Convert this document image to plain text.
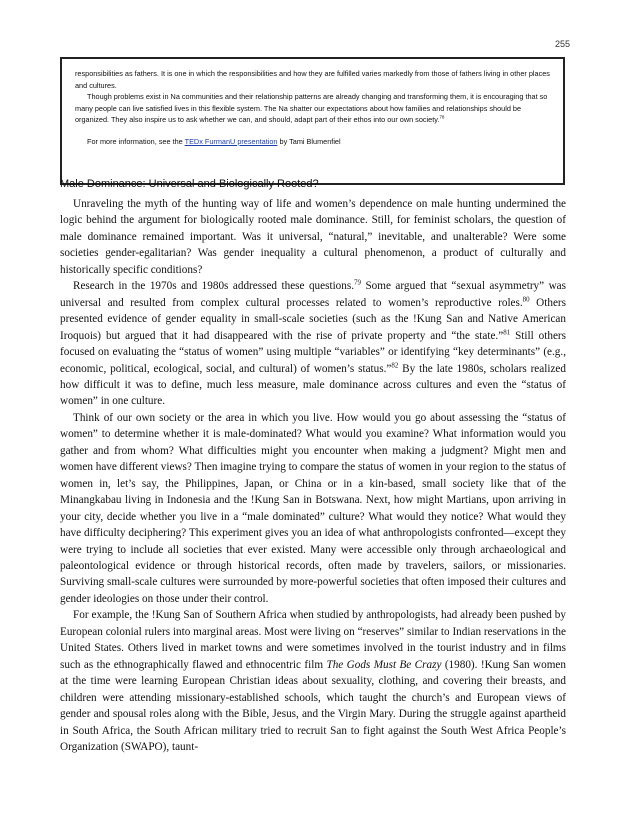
255

responsibilities as fathers. It is one in which the responsibilities and how they are fulfilled varies markedly from those of fathers living in other places and cultures.

Though problems exist in Na communities and their relationship patterns are already changing and transforming them, it is encouraging that so many people can live satisfied lives in this flexible system. The Na shatter our expectations about how families and relationships should be organized. They also inspire us to ask whether we can, and should, adapt part of their ethos into our own society.$^{78}$

For more information, see the TEDx FurmanU presentation by Tami Blumenfiel

Male Dominance: Universal and Biologically Rooted?

Unraveling the myth of the hunting way of life and women’s dependence on male hunting undermined the logic behind the argument for biologically rooted male dominance. Still, for feminist scholars, the question of male dominance remained important. Was it universal, “natural,” inevitable, and unalterable? Were some societies gender-egalitarian? Was gender inequality a cultural phenomenon, a product of culturally and historically specific conditions?

Research in the 1970s and 1980s addressed these questions.$^{79}$ Some argued that “sexual asymmetry” was universal and resulted from complex cultural processes related to women’s reproductive roles.$^{80}$ Others presented evidence of gender equality in small-scale societies (such as the !Kung San and Native American Iroquois) but argued that it had disappeared with the rise of private property and “the state.”$^{81}$ Still others focused on evaluating the “status of women” using multiple “variables” or identifying “key determinants” (e.g., economic, political, ecological, social, and cultural) of women’s status.”$^{82}$ By the late 1980s, scholars realized how difficult it was to define, much less measure, male dominance across cultures and even the “status of women” in one culture.

Think of our own society or the area in which you live. How would you go about assessing the “status of women” to determine whether it is male-dominated? What would you examine? What information would you gather and from whom? What difficulties might you encounter when making a judgment? Might men and women have different views? Then imagine trying to compare the status of women in your region to the status of women in, let’s say, the Philippines, Japan, or China or in a kin-based, small society like that of the Minangkabau living in Indonesia and the !Kung San in Botswana. Next, how might Martians, upon arriving in your city, decide whether you live in a “male dominated” culture? What would they notice? What would they have difficulty deciphering? This experiment gives you an idea of what anthropologists confronted—except they were trying to include all societies that ever existed. Many were accessible only through archaeological and paleontological evidence or through historical records, often made by travelers, sailors, or missionaries. Surviving small-scale cultures were surrounded by more-powerful societies that often imposed their cultures and gender ideologies on those under their control.

For example, the !Kung San of Southern Africa when studied by anthropologists, had already been pushed by European colonial rulers into marginal areas. Most were living on “reserves” similar to Indian reservations in the United States. Others lived in market towns and were sometimes involved in the tourist industry and in films such as the ethnographically flawed and ethnocentric film The Gods Must Be Crazy (1980). !Kung San women at the time were learning European Christian ideas about sexuality, clothing, and covering their breasts, and children were attending missionary-established schools, which taught the church’s and European views of gender and spousal roles along with the Bible, Jesus, and the Virgin Mary. During the struggle against apartheid in South Africa, the South African military tried to recruit San to fight against the South West Africa People’s Organization (SWAPO), taunt-
